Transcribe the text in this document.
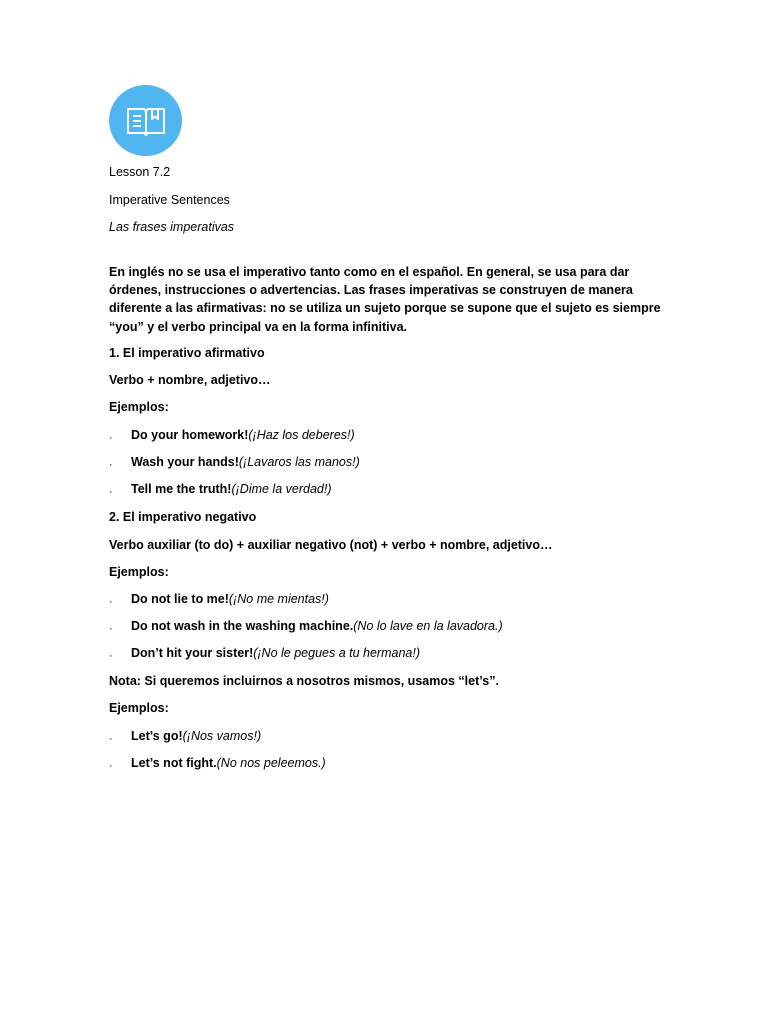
Lesson 7.2
Imperative Sentences
Las frases imperativas
En inglés no se usa el imperativo tanto como en el español. En general, se usa para dar órdenes, instrucciones o advertencias. Las frases imperativas se construyen de manera diferente a las afirmativas: no se utiliza un sujeto porque se supone que el sujeto es siempre “you” y el verbo principal va en la forma infinitiva.
1. El imperativo afirmativo
Verbo + nombre, adjetivo…
Ejemplos:
· Do your homework!(¡Haz los deberes!)
· Wash your hands!(¡Lavaros las manos!)
· Tell me the truth!(¡Dime la verdad!)
2. El imperativo negativo
Verbo auxiliar (to do) + auxiliar negativo (not) + verbo + nombre, adjetivo…
Ejemplos:
· Do not lie to me!(¡No me mientas!)
· Do not wash in the washing machine.(No lo lave en la lavadora.)
· Don’t hit your sister!(¡No le pegues a tu hermana!)
Nota: Si queremos incluirnos a nosotros mismos, usamos “let’s”.
Ejemplos:
· Let’s go!(¡Nos vamos!)
· Let’s not fight.(No nos peleemos.)
